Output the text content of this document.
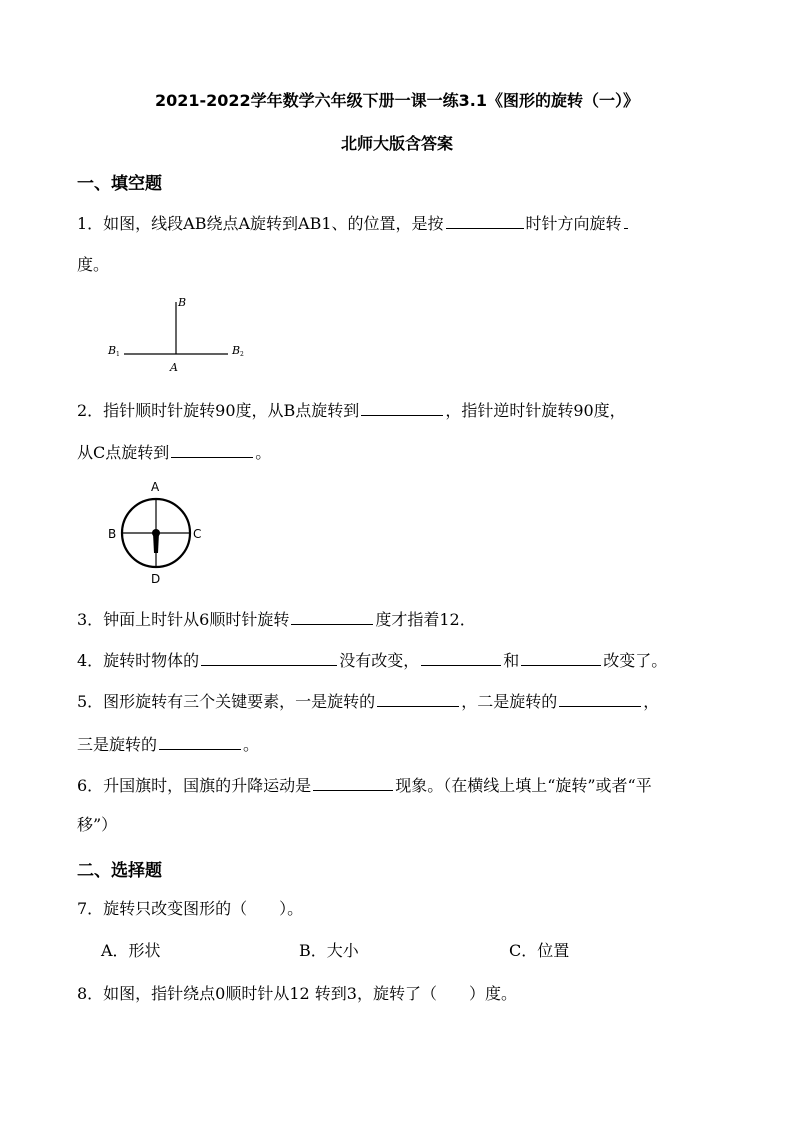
2021-2022学年数学六年级下册一课一练3.1《图形的旋转（一）》
北师大版含答案
一、填空题
1．如图，线段AB绕点A旋转到AB1、的位置，是按	时针方向旋转
度。
B
B 1	B 2
A
2．指针顺时针旋转90度，从B点旋转到	，指针逆时针旋转90度，
从C点旋转到	。
A
B	C
D
3．钟面上时针从6顺时针旋转	度才指着12．
4．旋转时物体的	没有改变，	和	改变了。
5．图形旋转有三个关键要素，一是旋转的	，二是旋转的	，
三是旋转的	。
6．升国旗时，国旗的升降运动是	现象。（在横线上填上“旋转”或者“平
移”）
二、选择题
7．旋转只改变图形的（　　）。
A．形状	B．大小	C．位置
8．如图，指针绕点0顺时针从12 转到3，旋转了（　　）度。
